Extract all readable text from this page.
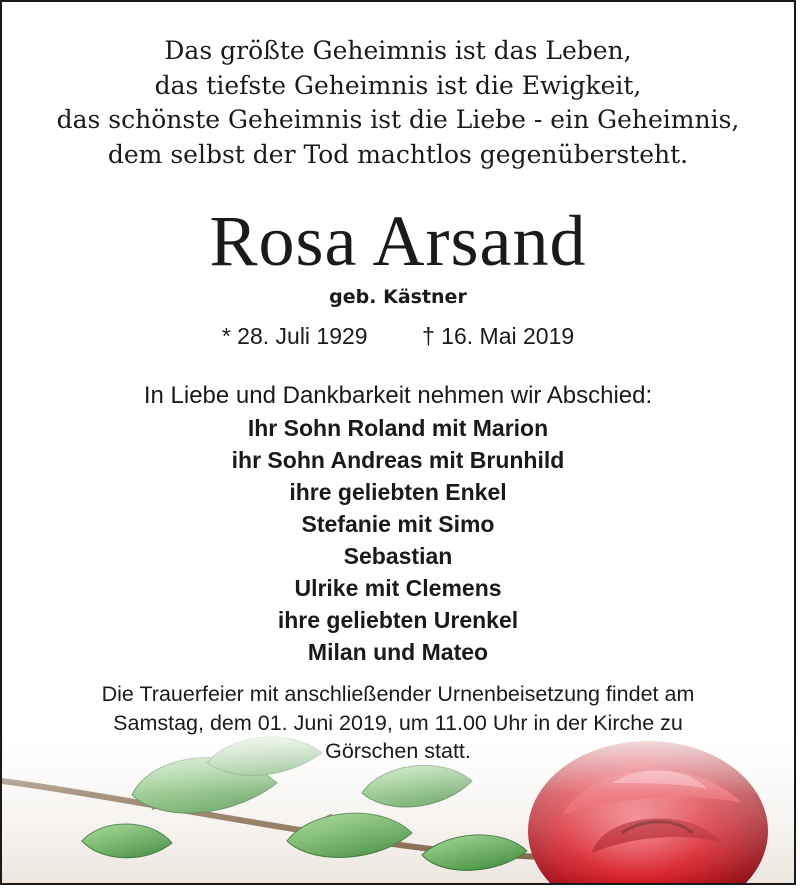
Das größte Geheimnis ist das Leben,
das tiefste Geheimnis ist die Ewigkeit,
das schönste Geheimnis ist die Liebe - ein Geheimnis,
dem selbst der Tod machtlos gegenübersteht.
Rosa Arsand
geb. Kästner
* 28. Juli 1929 † 16. Mai 2019
In Liebe und Dankbarkeit nehmen wir Abschied:
Ihr Sohn Roland mit Marion
ihr Sohn Andreas mit Brunhild
ihre geliebten Enkel
Stefanie mit Simo
Sebastian
Ulrike mit Clemens
ihre geliebten Urenkel
Milan und Mateo
Die Trauerfeier mit anschließender Urnenbeisetzung findet am
Samstag, dem 01. Juni 2019, um 11.00 Uhr in der Kirche zu
Görschen statt.
